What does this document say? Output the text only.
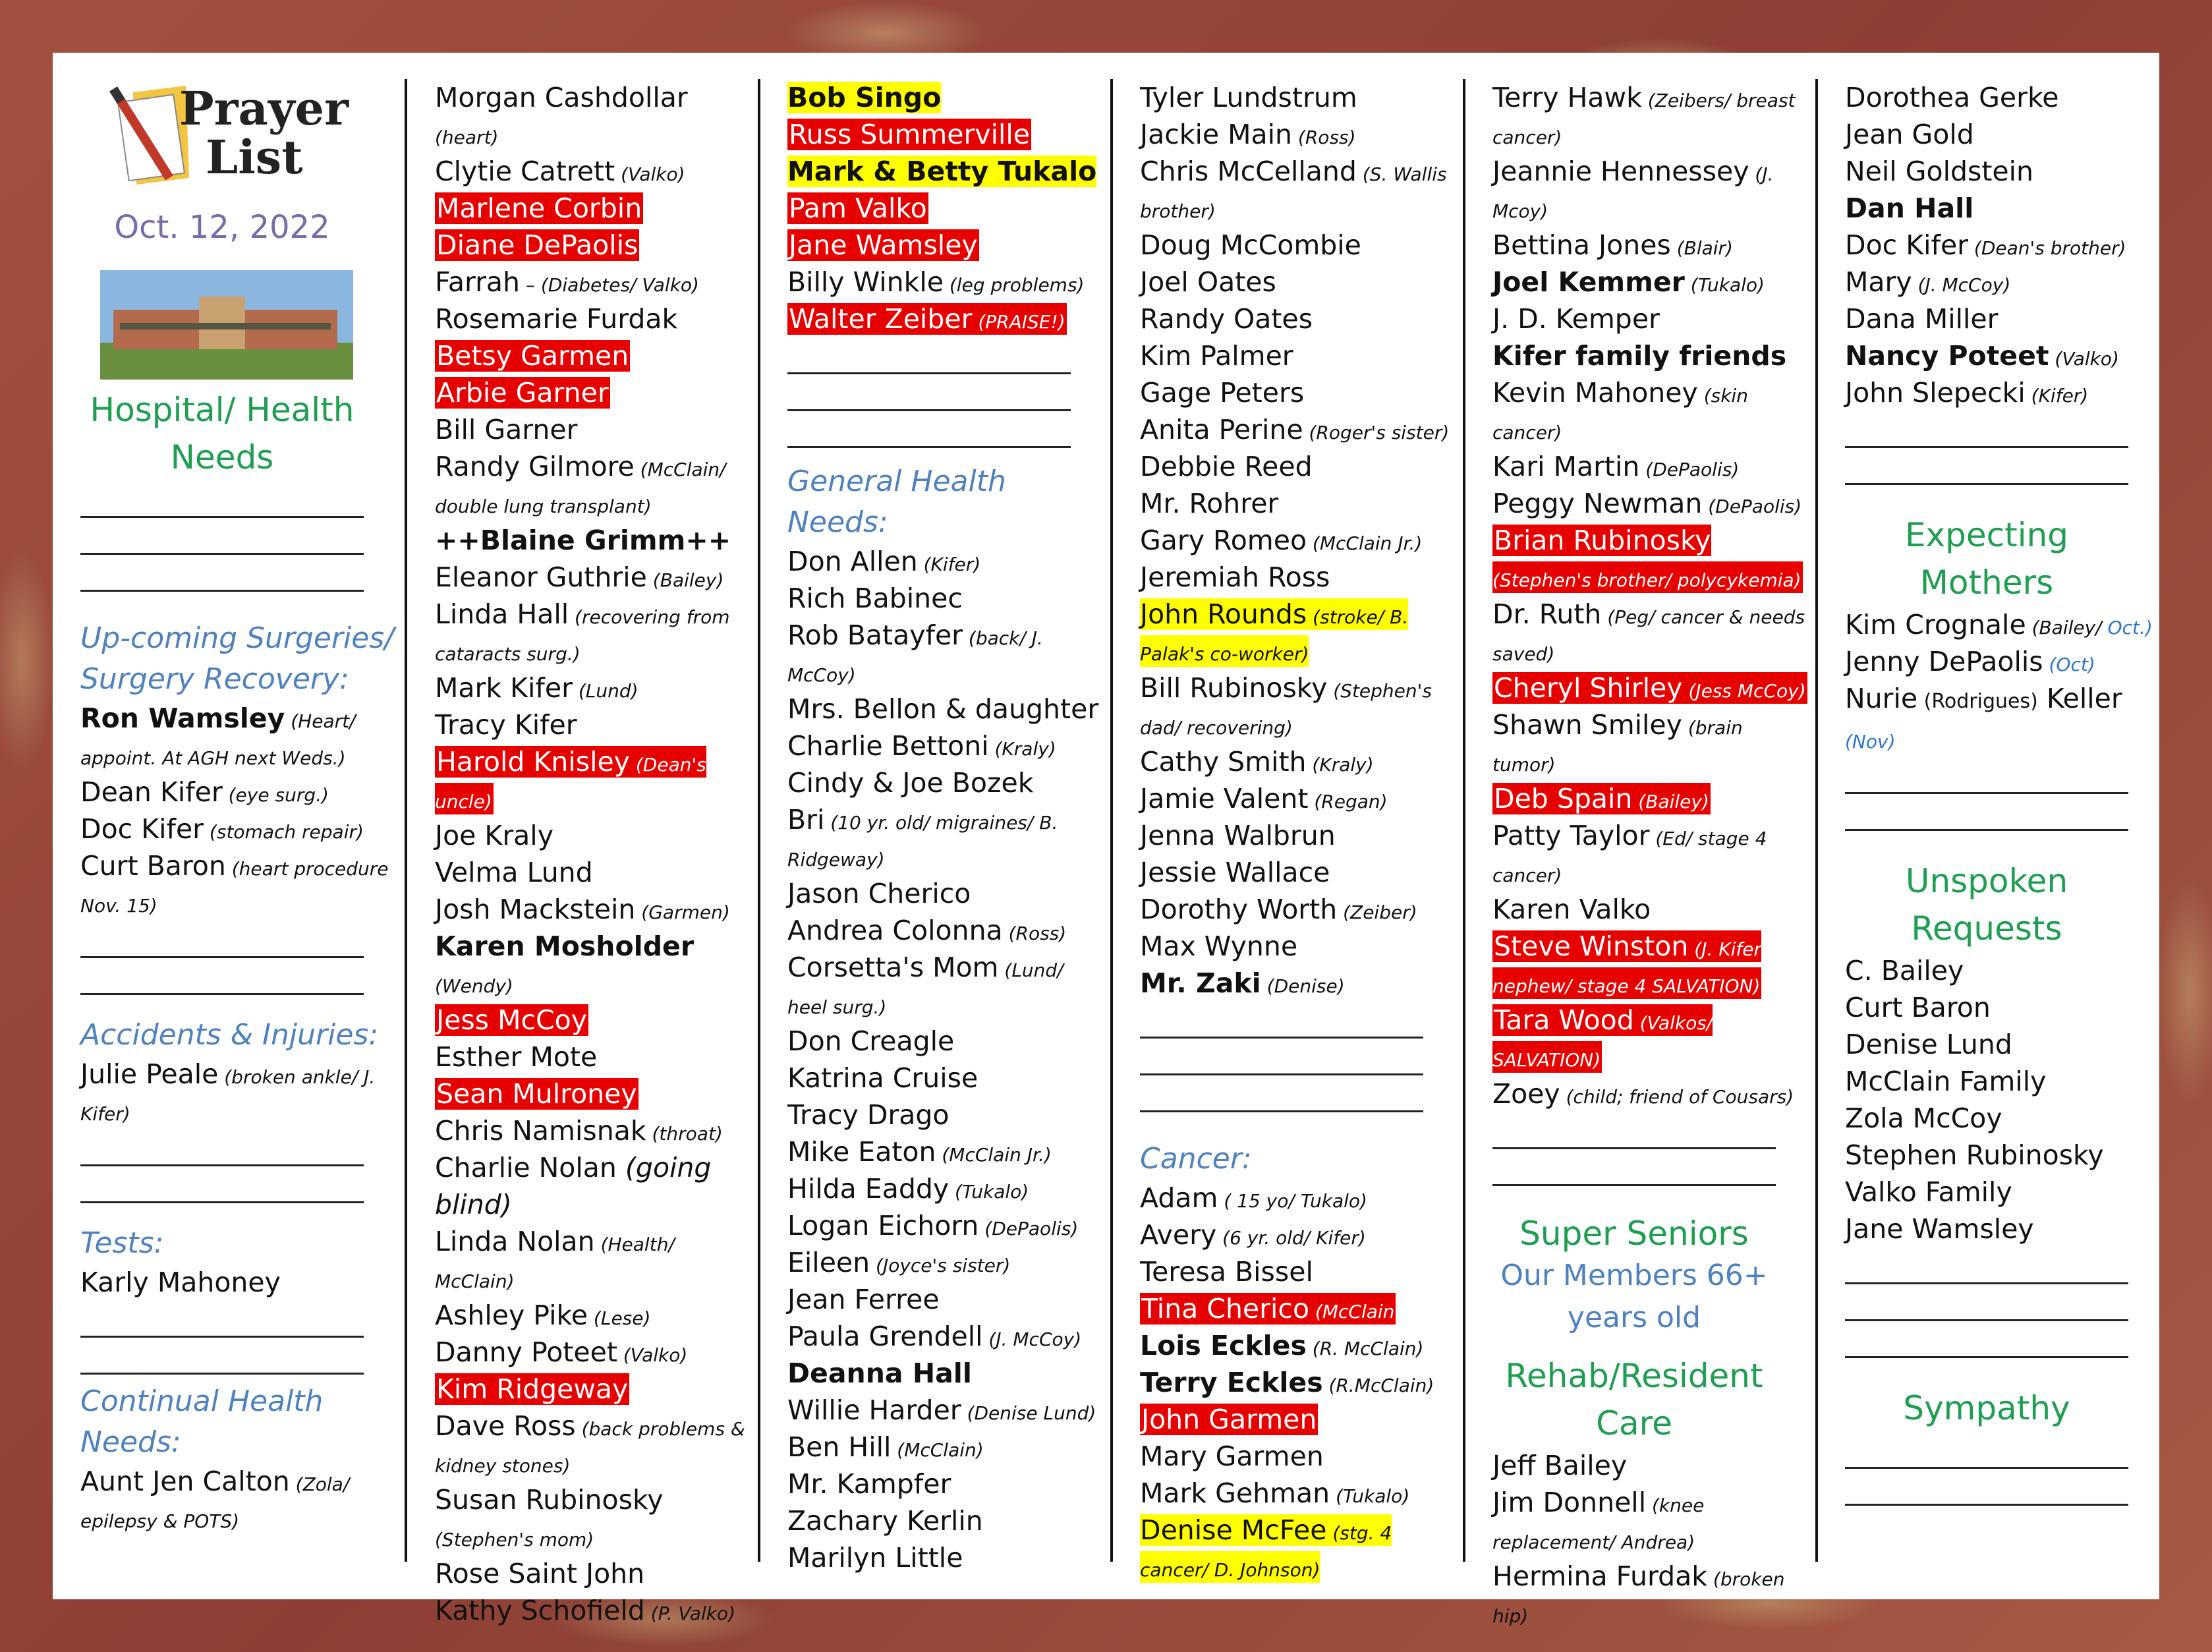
Prayer
List
Oct. 12, 2022
Hospital/ Health Needs
Up-coming Surgeries/ Surgery Recovery:
Ron Wamsley (Heart/ appoint. At AGH next Weds.)
Dean Kifer (eye surg.)
Doc Kifer (stomach repair)
Curt Baron (heart procedure Nov. 15)
Accidents & Injuries:
Julie Peale (broken ankle/ J. Kifer)
Tests:
Karly Mahoney
Continual Health Needs:
Aunt Jen Calton (Zola/ epilepsy & POTS)
Morgan Cashdollar (heart)
Clytie Catrett (Valko)
Marlene Corbin
Diane DePaolis
Farrah – (Diabetes/ Valko)
Rosemarie Furdak
Betsy Garmen
Arbie Garner
Bill Garner
Randy Gilmore (McClain/ double lung transplant)
++Blaine Grimm++
Eleanor Guthrie (Bailey)
Linda Hall (recovering from cataracts surg.)
Mark Kifer (Lund)
Tracy Kifer
Harold Knisley (Dean's uncle)
Joe Kraly
Velma Lund
Josh Mackstein (Garmen)
Karen Mosholder (Wendy)
Jess McCoy
Esther Mote
Sean Mulroney
Chris Namisnak (throat)
Charlie Nolan (going blind)
Linda Nolan (Health/ McClain)
Ashley Pike (Lese)
Danny Poteet (Valko)
Kim Ridgeway
Dave Ross (back problems & kidney stones)
Susan Rubinosky (Stephen's mom)
Rose Saint John
Kathy Schofield (P. Valko)
Bob Singo
Russ Summerville
Mark & Betty Tukalo
Pam Valko
Jane Wamsley
Billy Winkle (leg problems)
Walter Zeiber (PRAISE!)
General Health Needs:
Don Allen (Kifer)
Rich Babinec
Rob Batayfer (back/ J. McCoy)
Mrs. Bellon & daughter
Charlie Bettoni (Kraly)
Cindy & Joe Bozek
Bri (10 yr. old/ migraines/ B. Ridgeway)
Jason Cherico
Andrea Colonna (Ross)
Corsetta's Mom (Lund/ heel surg.)
Don Creagle
Katrina Cruise
Tracy Drago
Mike Eaton (McClain Jr.)
Hilda Eaddy (Tukalo)
Logan Eichorn (DePaolis)
Eileen (Joyce's sister)
Jean Ferree
Paula Grendell (J. McCoy)
Deanna Hall
Willie Harder (Denise Lund)
Ben Hill (McClain)
Mr. Kampfer
Zachary Kerlin
Marilyn Little
Tyler Lundstrum
Jackie Main (Ross)
Chris McCelland (S. Wallis brother)
Doug McCombie
Joel Oates
Randy Oates
Kim Palmer
Gage Peters
Anita Perine (Roger's sister)
Debbie Reed
Mr. Rohrer
Gary Romeo (McClain Jr.)
Jeremiah Ross
John Rounds (stroke/ B. Palak's co-worker)
Bill Rubinosky (Stephen's dad/ recovering)
Cathy Smith (Kraly)
Jamie Valent (Regan)
Jenna Walbrun
Jessie Wallace
Dorothy Worth (Zeiber)
Max Wynne
Mr. Zaki (Denise)
Cancer:
Adam ( 15 yo/ Tukalo)
Avery (6 yr. old/ Kifer)
Teresa Bissel
Tina Cherico (McClain
Lois Eckles (R. McClain)
Terry Eckles (R.McClain)
John Garmen
Mary Garmen
Mark Gehman (Tukalo)
Denise McFee (stg. 4 cancer/ D. Johnson)
Terry Hawk (Zeibers/ breast cancer)
Jeannie Hennessey (J. Mcoy)
Bettina Jones (Blair)
Joel Kemmer (Tukalo)
J. D. Kemper
Kifer family friends
Kevin Mahoney (skin cancer)
Kari Martin (DePaolis)
Peggy Newman (DePaolis)
Brian Rubinosky (Stephen's brother/ polycykemia)
Dr. Ruth (Peg/ cancer & needs saved)
Cheryl Shirley (Jess McCoy)
Shawn Smiley (brain tumor)
Deb Spain (Bailey)
Patty Taylor (Ed/ stage 4 cancer)
Karen Valko
Steve Winston (J. Kifer nephew/ stage 4 SALVATION)
Tara Wood (Valkos/ SALVATION)
Zoey (child; friend of Cousars)
Super Seniors
Our Members 66+ years old
Rehab/Resident Care
Jeff Bailey
Jim Donnell (knee replacement/ Andrea)
Hermina Furdak (broken hip)
Dorothea Gerke
Jean Gold
Neil Goldstein
Dan Hall
Doc Kifer (Dean's brother)
Mary (J. McCoy)
Dana Miller
Nancy Poteet (Valko)
John Slepecki (Kifer)
Expecting Mothers
Kim Crognale (Bailey/ Oct.)
Jenny DePaolis (Oct)
Nurie (Rodrigues) Keller (Nov)
Unspoken Requests
C. Bailey
Curt Baron
Denise Lund
McClain Family
Zola McCoy
Stephen Rubinosky
Valko Family
Jane Wamsley
Sympathy
